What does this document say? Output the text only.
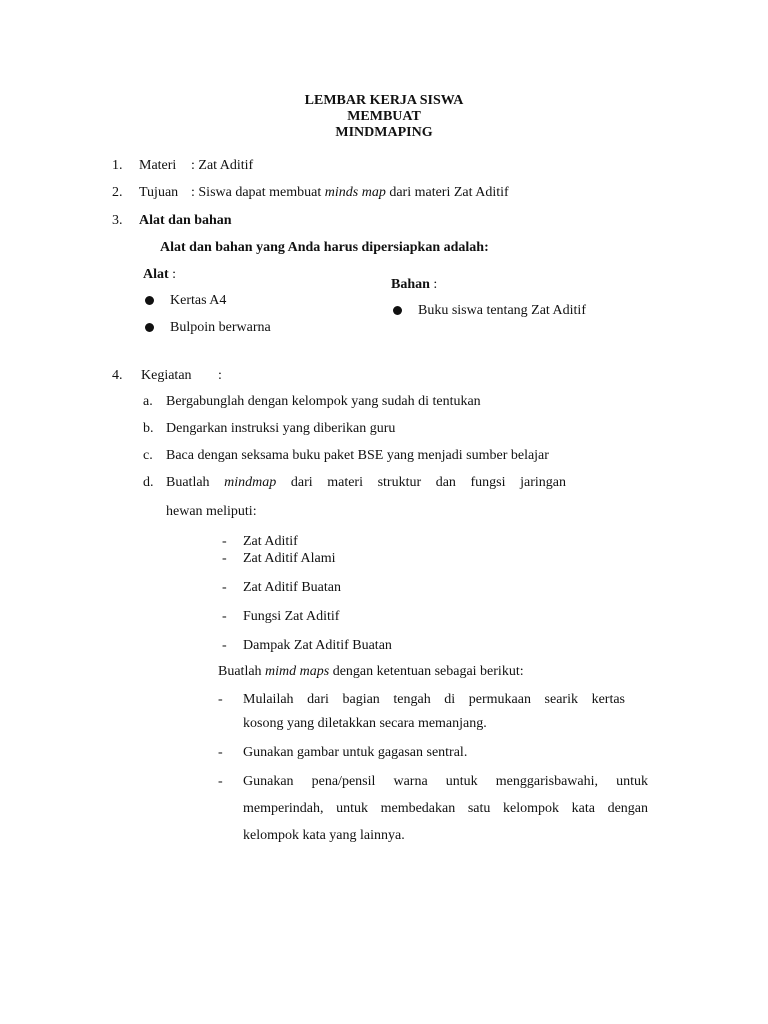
LEMBAR KERJA SISWA
MEMBUAT
MINDMAPING
1. Materi : Zat Aditif
2. Tujuan : Siswa dapat membuat minds map dari materi Zat Aditif
3. Alat dan bahan
Alat dan bahan yang Anda harus dipersiapkan adalah:
Alat :
Kertas A4
Bulpoin berwarna
Bahan :
Buku siswa tentang Zat Aditif
4. Kegiatan :
a. Bergabunglah dengan kelompok yang sudah di tentukan
b. Dengarkan instruksi yang diberikan guru
c. Baca dengan seksama buku paket BSE yang menjadi sumber belajar
d. Buatlah mindmap dari materi struktur dan fungsi jaringan
hewan meliputi:
- Zat Aditif
- Zat Aditif Alami
- Zat Aditif Buatan
- Fungsi Zat Aditif
- Dampak Zat Aditif Buatan
Buatlah mimd maps dengan ketentuan sebagai berikut:
- Mulailah dari bagian tengah di permukaan searik kertas
kosong yang diletakkan secara memanjang.
- Gunakan gambar untuk gagasan sentral.
- Gunakan pena/pensil warna untuk menggarisbawahi, untuk
memperindah, untuk membedakan satu kelompok kata dengan
kelompok kata yang lainnya.
